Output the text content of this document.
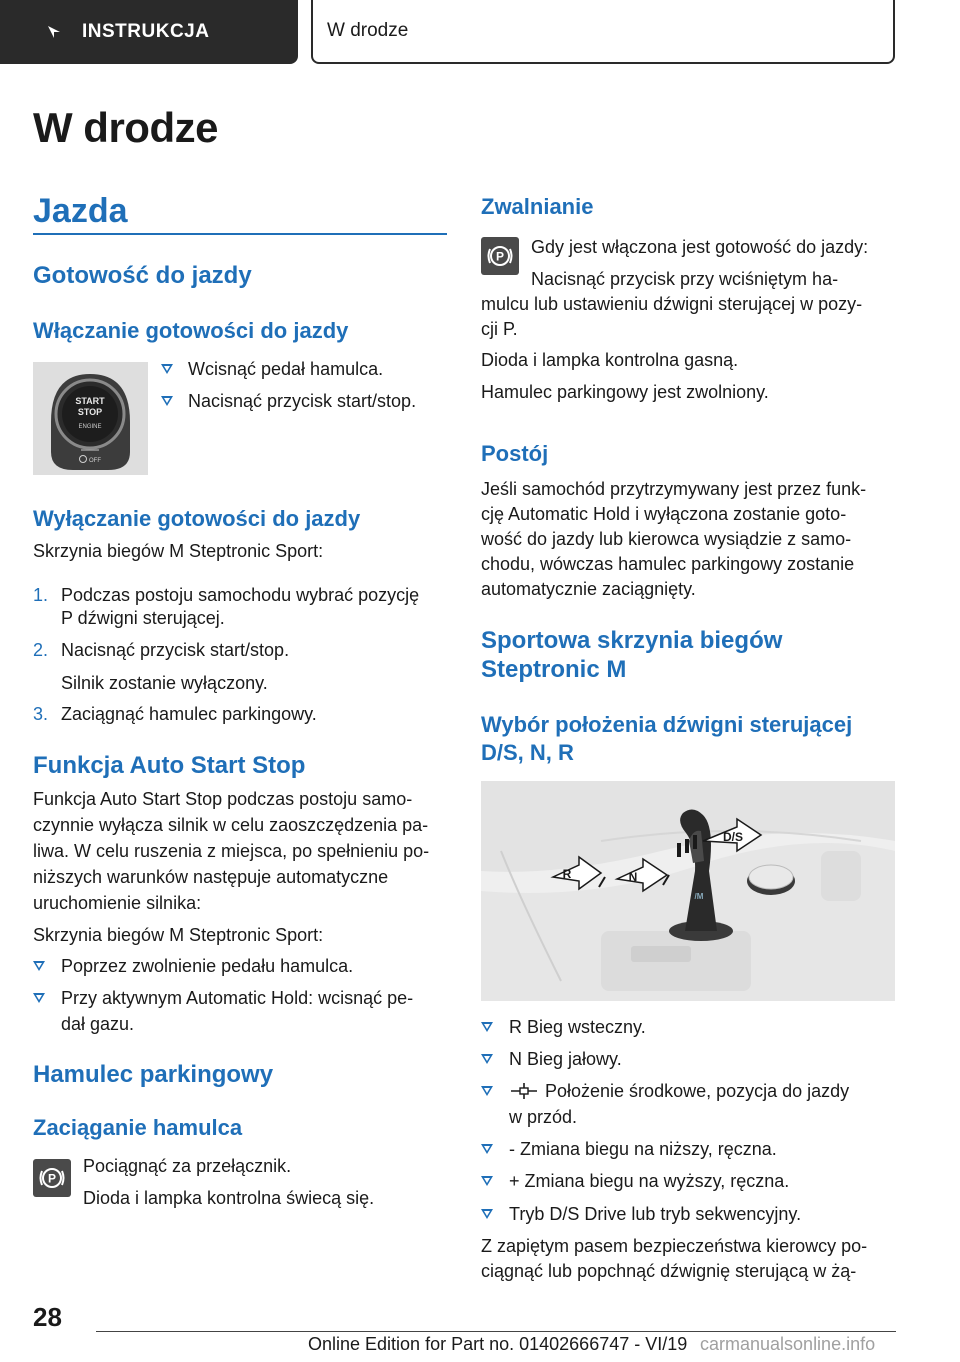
INSTRUKCJA	W drodze
W drodze
Jazda
Gotowość do jazdy
Włączanie gotowości do jazdy
START
STOP
ENGINE
OFF
Wcisnąć pedał hamulca.
Nacisnąć przycisk start/stop.
Wyłączanie gotowości do jazdy
Skrzynia biegów M Steptronic Sport:
1. Podczas postoju samochodu wybrać pozycję
P dźwigni sterującej.
2. Nacisnąć przycisk start/stop.
Silnik zostanie wyłączony.
3. Zaciągnąć hamulec parkingowy.
Funkcja Auto Start Stop
Funkcja Auto Start Stop podczas postoju samo-
czynnie wyłącza silnik w celu zaoszczędzenia pa-
liwa. W celu ruszenia z miejsca, po spełnieniu po-
niższych warunków następuje automatyczne
uruchomienie silnika:
Skrzynia biegów M Steptronic Sport:
Poprzez zwolnienie pedału hamulca.
Przy aktywnym Automatic Hold: wcisnąć pe-
dał gazu.
Hamulec parkingowy
Zaciąganie hamulca
P
Pociągnąć za przełącznik.
Dioda i lampka kontrolna świecą się.
Zwalnianie
P Gdy jest włączona jest gotowość do jazdy:
Nacisnąć przycisk przy wciśniętym ha-
mulcu lub ustawieniu dźwigni sterującej w pozy-
cji P.
Dioda i lampka kontrolna gasną.
Hamulec parkingowy jest zwolniony.
Postój
Jeśli samochód przytrzymywany jest przez funk-
cję Automatic Hold i wyłączona zostanie goto-
wość do jazdy lub kierowca wysiądzie z samo-
chodu, wówczas hamulec parkingowy zostanie
automatycznie zaciągnięty.
Sportowa skrzynia biegów
Steptronic M
Wybór położenia dźwigni sterującej
D/S, N, R
/M
R	N
D/S
R Bieg wsteczny.
N Bieg jałowy.
Położenie środkowe, pozycja do jazdy
w przód.
- Zmiana biegu na niższy, ręczna.
+ Zmiana biegu na wyższy, ręczna.
Tryb D/S Drive lub tryb sekwencyjny.
Z zapiętym pasem bezpieczeństwa kierowcy po-
ciągnąć lub popchnąć dźwignię sterującą w żą-
28
Online Edition for Part no. 01402666747 - VI/19 carmanualsonline.info
